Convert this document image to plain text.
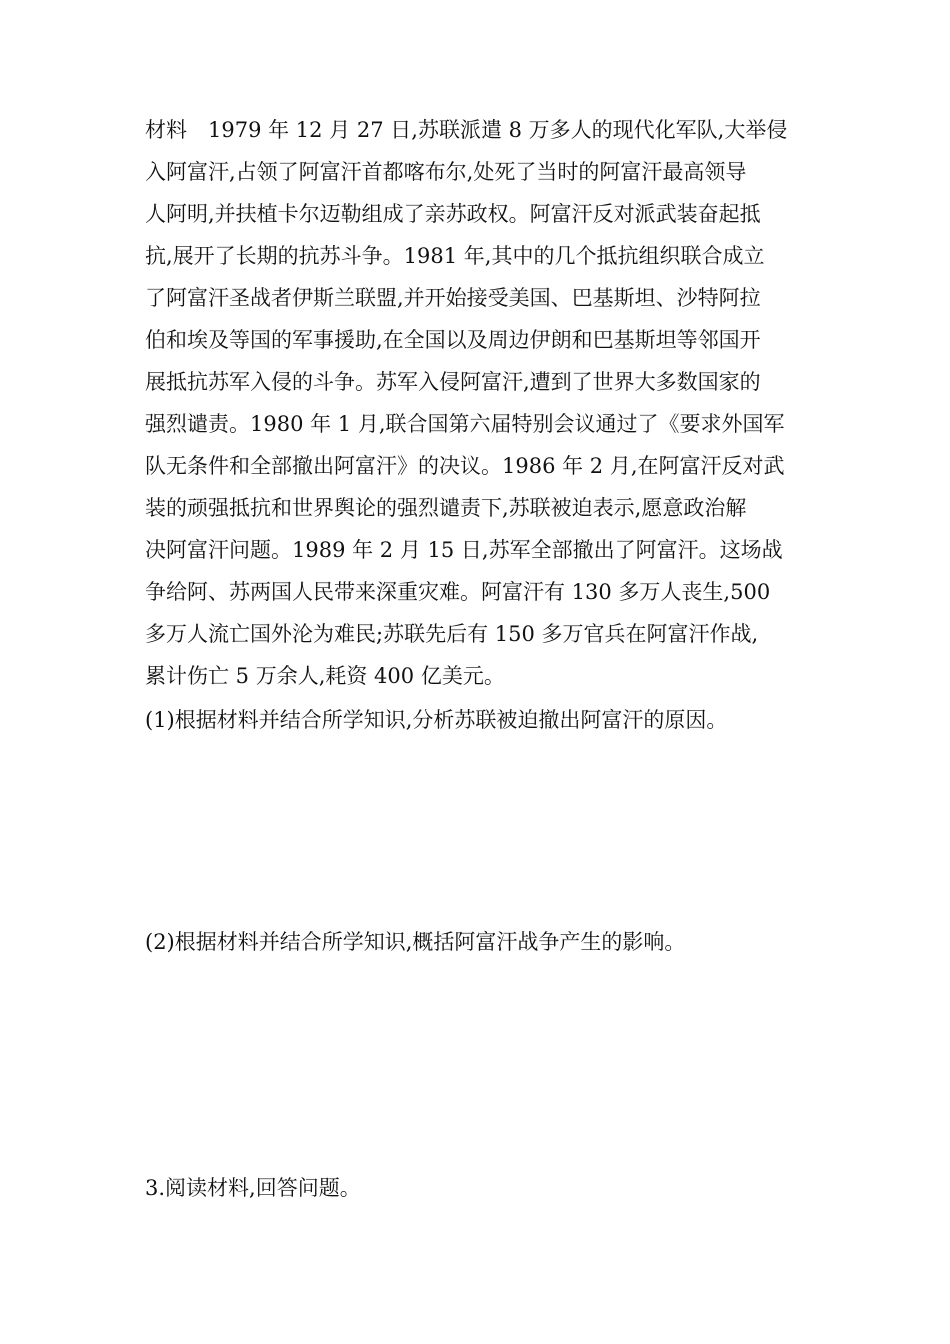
材料　1979 年 12 月 27 日,苏联派遣 8 万多人的现代化军队,大举侵
入阿富汗,占领了阿富汗首都喀布尔,处死了当时的阿富汗最高领导
人阿明,并扶植卡尔迈勒组成了亲苏政权。阿富汗反对派武装奋起抵
抗,展开了长期的抗苏斗争。1981 年,其中的几个抵抗组织联合成立
了阿富汗圣战者伊斯兰联盟,并开始接受美国、巴基斯坦、沙特阿拉
伯和埃及等国的军事援助,在全国以及周边伊朗和巴基斯坦等邻国开
展抵抗苏军入侵的斗争。苏军入侵阿富汗,遭到了世界大多数国家的
强烈谴责。1980 年 1 月,联合国第六届特别会议通过了《要求外国军
队无条件和全部撤出阿富汗》的决议。1986 年 2 月,在阿富汗反对武
装的顽强抵抗和世界舆论的强烈谴责下,苏联被迫表示,愿意政治解
决阿富汗问题。1989 年 2 月 15 日,苏军全部撤出了阿富汗。这场战
争给阿、苏两国人民带来深重灾难。阿富汗有 130 多万人丧生,500
多万人流亡国外沦为难民;苏联先后有 150 多万官兵在阿富汗作战,
累计伤亡 5 万余人,耗资 400 亿美元。
(1)根据材料并结合所学知识,分析苏联被迫撤出阿富汗的原因。
(2)根据材料并结合所学知识,概括阿富汗战争产生的影响。
3.阅读材料,回答问题。
